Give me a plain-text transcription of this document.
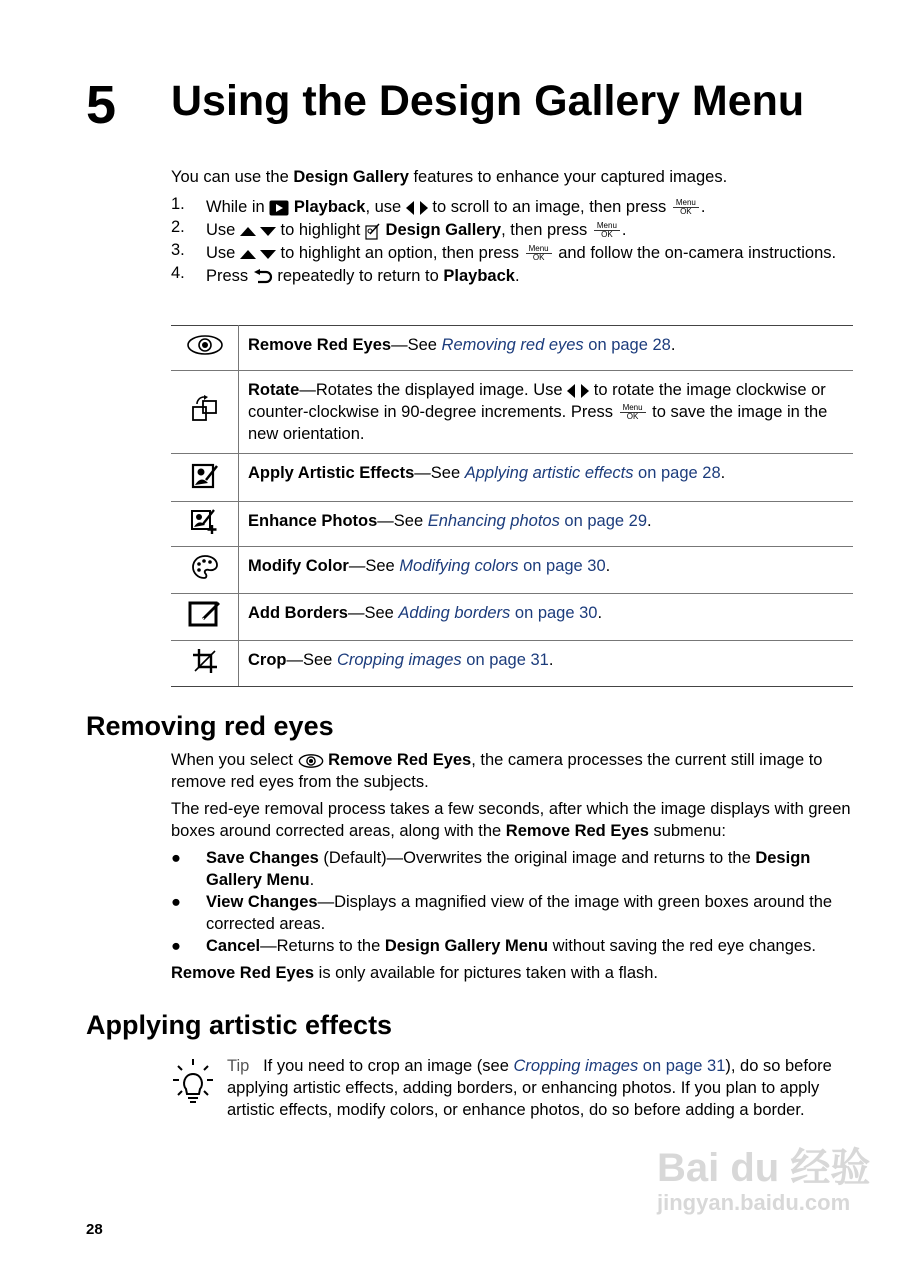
5 Using the Design Gallery Menu
You can use the Design Gallery features to enhance your captured images.
1. While in  Playback, use  to scroll to an image, then press Menu
OK .
2. Use  to highlight  Design Gallery, then press Menu
OK .
3. Use  to highlight an option, then press Menu
OK and follow the on-camera instructions.
4. Press  repeatedly to return to Playback.
	Remove Red Eyes—See Removing red eyes on page 28.
	Rotate—Rotates the displayed image. Use  to rotate the image clockwise or counter-clockwise in 90-degree increments. Press Menu
OK to save the image in the new orientation.
	Apply Artistic Effects—See Applying artistic effects on page 28.
	Enhance Photos—See Enhancing photos on page 29.
	Modify Color—See Modifying colors on page 30.
	Add Borders—See Adding borders on page 30.
	Crop—See Cropping images on page 31.
Removing red eyes
When you select  Remove Red Eyes, the camera processes the current still image to remove red eyes from the subjects.
The red-eye removal process takes a few seconds, after which the image displays with green boxes around corrected areas, along with the Remove Red Eyes submenu:
● Save Changes (Default)—Overwrites the original image and returns to the Design Gallery Menu.
● View Changes—Displays a magnified view of the image with green boxes around the corrected areas.
● Cancel—Returns to the Design Gallery Menu without saving the red eye changes.
Remove Red Eyes is only available for pictures taken with a flash.
Applying artistic effects
Tip If you need to crop an image (see Cropping images on page 31), do so before applying artistic effects, adding borders, or enhancing photos. If you plan to apply artistic effects, modify colors, or enhance photos, do so before adding a border.
28
Bai du 经验
jingyan.baidu.com
